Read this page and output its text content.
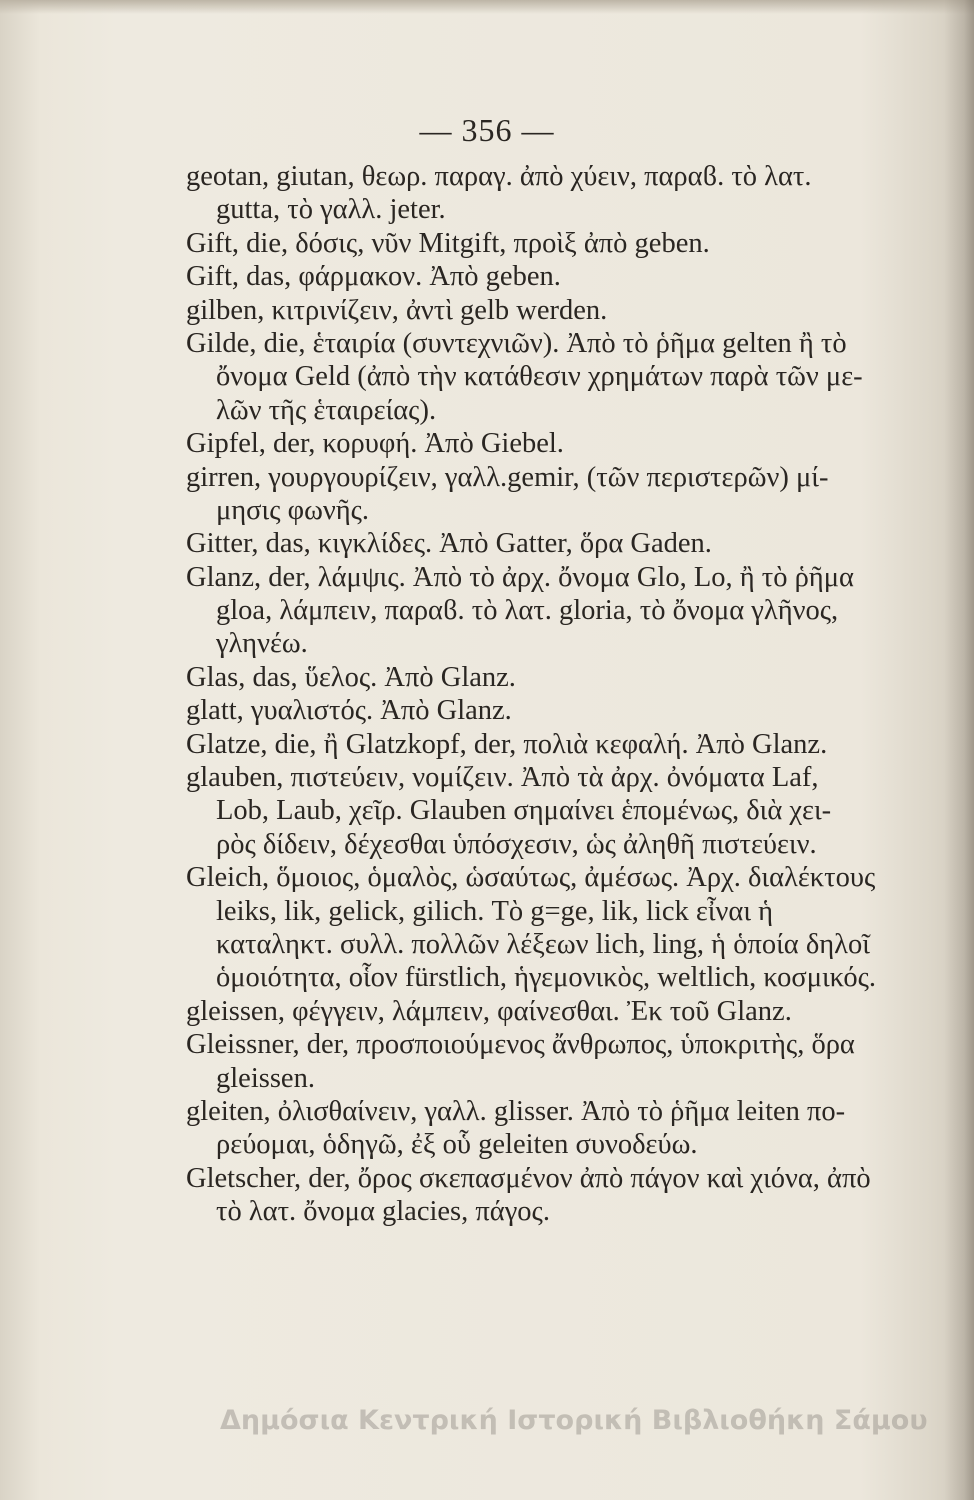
— 356 —
geotan, giutan, θεωρ. παραγ. ἀπὸ χύειν, παραϐ. τὸ λατ.
gutta, τὸ γαλλ. jeter.
Gift, die, δόσις, νῦν Mitgift, προὶξ ἀπὸ geben.
Gift, das, φάρμακον. Ἀπὸ geben.
gilben, κιτρινίζειν, ἀντὶ gelb werden.
Gilde, die, ἑταιρία (συντεχνιῶν). Ἀπὸ τὸ ῥῆμα gelten ἢ τὸ
ὄνομα Geld (ἀπὸ τὴν κατάθεσιν χρημάτων παρὰ τῶν με-
λῶν τῆς ἑταιρείας).
Gipfel, der, κορυφή. Ἀπὸ Giebel.
girren, γουργουρίζειν, γαλλ.gemir, (τῶν περιστερῶν) μί-
μησις φωνῆς.
Gitter, das, κιγκλίδες. Ἀπὸ Gatter, ὅρα Gaden.
Glanz, der, λάμψις. Ἀπὸ τὸ ἀρχ. ὄνομα Glo, Lo, ἢ τὸ ῥῆμα
gloa, λάμπειν, παραϐ. τὸ λατ. gloria, τὸ ὄνομα γλῆνος,
γληνέω.
Glas, das, ὕελος. Ἀπὸ Glanz.
glatt, γυαλιστός. Ἀπὸ Glanz.
Glatze, die, ἢ Glatzkopf, der, πολιὰ κεφαλή. Ἀπὸ Glanz.
glauben, πιστεύειν, νομίζειν. Ἀπὸ τὰ ἀρχ. ὀνόματα Laf,
Lob, Laub, χεῖρ. Glauben σημαίνει ἑπομένως, διὰ χει-
ρὸς δίδειν, δέχεσθαι ὑπόσχεσιν, ὡς ἀληθῆ πιστεύειν.
Gleich, ὅμοιος, ὁμαλὸς, ὡσαύτως, ἀμέσως. Ἀρχ. διαλέκτους
leiks, lik, gelick, gilich. Τὸ g=ge, lik, lick εἶναι ἡ
καταληκτ. συλλ. πολλῶν λέξεων lich, ling, ἡ ὁποία δηλοῖ
ὁμοιότητα, οἷον fürstlich, ἡγεμονικὸς, weltlich, κοσμικός.
gleissen, φέγγειν, λάμπειν, φαίνεσθαι. Ἐκ τοῦ Glanz.
Gleissner, der, προσποιούμενος ἄνθρωπος, ὑποκριτὴς, ὅρα
gleissen.
gleiten, ὀλισθαίνειν, γαλλ. glisser. Ἀπὸ τὸ ῥῆμα leiten πο-
ρεύομαι, ὁδηγῶ, ἐξ οὗ geleiten συνοδεύω.
Gletscher, der, ὄρος σκεπασμένον ἀπὸ πάγον καὶ χιόνα, ἀπὸ
τὸ λατ. ὄνομα glacies, πάγος.
Δημόσια Κεντρική Ιστορική Βιβλιοθήκη Σάμου
